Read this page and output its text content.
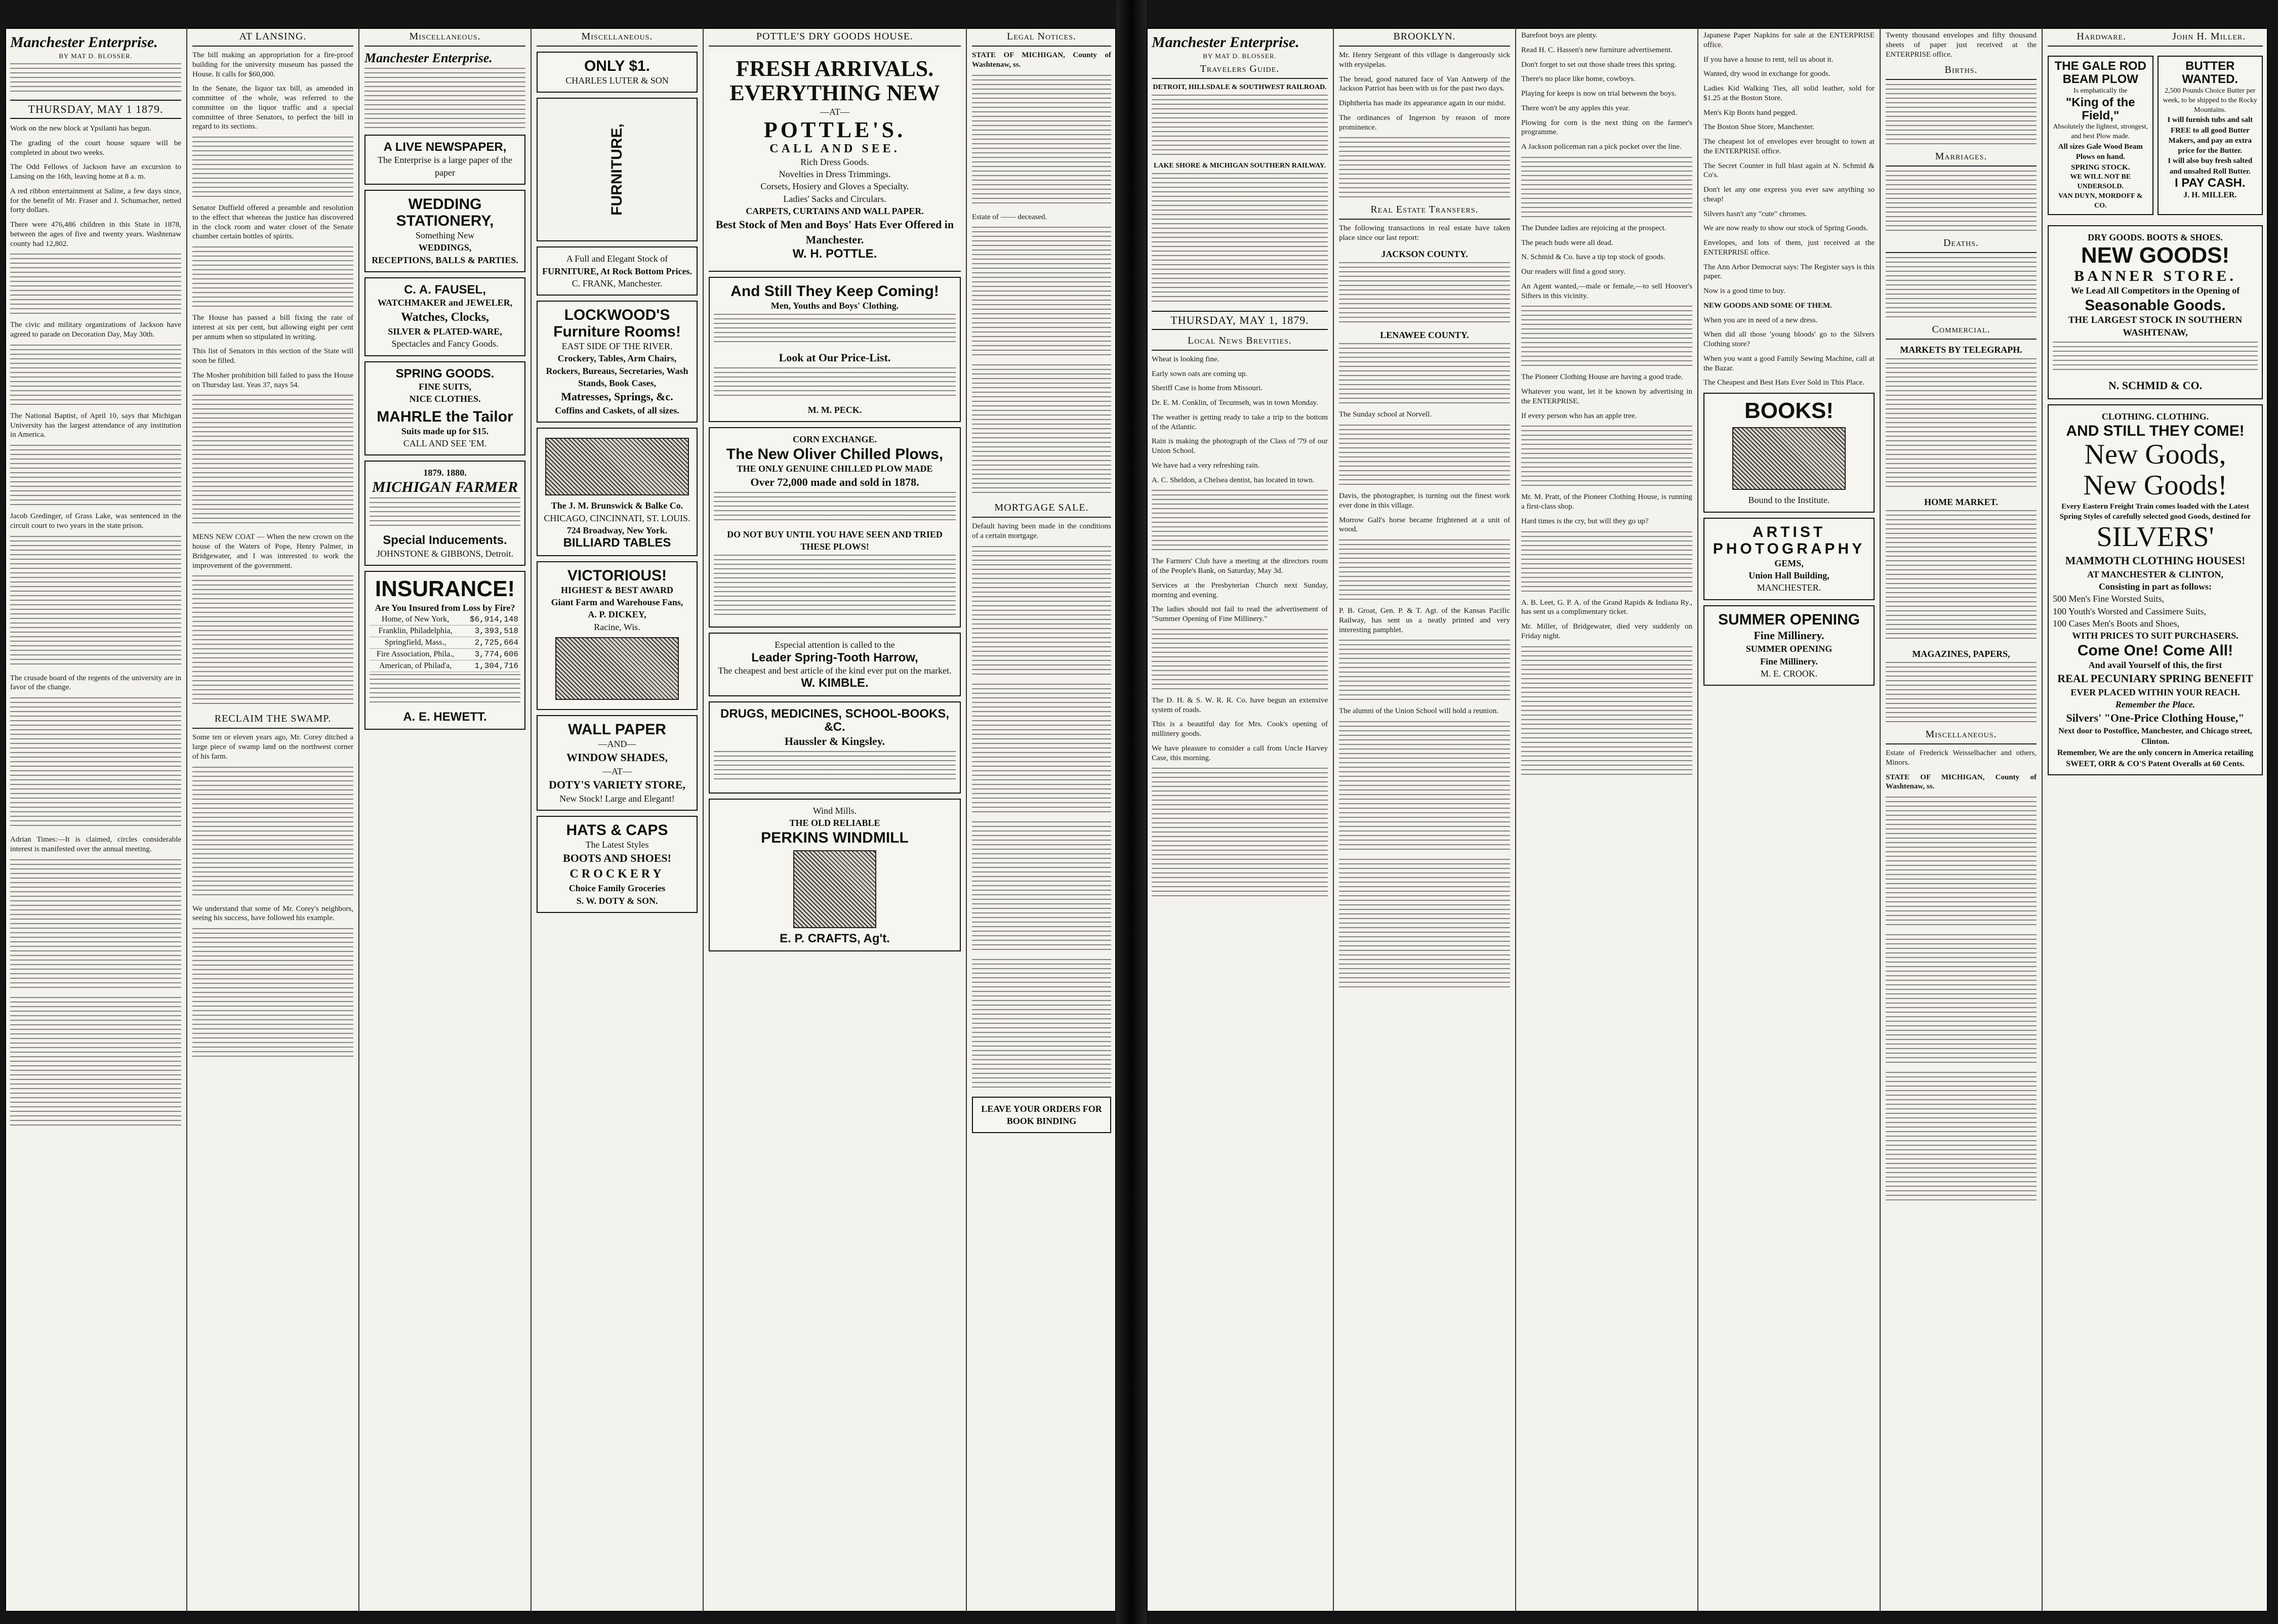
Manchester Enterprise.
BY MAT D. BLOSSER.
THURSDAY, MAY 1 1879.

Work on the new block at Ypsilanti has begun.

The grading of the court house square will be completed in about two weeks.

The Odd Fellows of Jackson have an excursion to Lansing on the 16th, leaving home at 8 a. m.

A red ribbon entertainment at Saline, a few days since, for the benefit of Mr. Fraser and J. Schumacher, netted forty dollars.

There were 476,486 children in this State in 1878, between the ages of five and twenty years. Washtenaw county had 12,802.

The civic and military organizations of Jackson have agreed to parade on Decoration Day, May 30th.

The National Baptist, of April 10, says that Michigan University has the largest attendance of any institution in America.

Jacob Gredinger, of Grass Lake, was sentenced in the circuit court to two years in the state prison.

The crusade board of the regents of the university are in favor of the change.

Adrian Times:—It is claimed, circles considerable interest is manifested over the annual meeting.

AT LANSING.

The bill making an appropriation for a fire-proof building for the university museum has passed the House. It calls for $60,000.

In the Senate, the liquor tax bill, as amended in committee of the whole, was referred to the committee on the liquor traffic and a special committee of three Senators, to perfect the bill in regard to its sections.

Senator Duffield offered a preamble and resolution to the effect that whereas the justice has discovered in the clock room and water closet of the Senate chamber certain bottles of spirits.

The House has passed a bill fixing the rate of interest at six per cent, but allowing eight per cent per annum when so stipulated in writing.

This list of Senators in this section of the State will soon be filled.

The Mosher prohibition bill failed to pass the House on Thursday last. Yeas 37, nays 54.

MENS NEW COAT — When the new crown on the house of the Waters of Pope, Henry Palmer, in Bridgewater, and I was interested to work the improvement of the government.

RECLAIM THE SWAMP.

Some ten or eleven years ago, Mr. Corey ditched a large piece of swamp land on the northwest corner of his farm.

We understand that some of Mr. Corey's neighbors, seeing his success, have followed his example.

Miscellaneous.
Manchester Enterprise.
A LIVE NEWSPAPER,
The Enterprise is a large paper of the paper
WEDDING STATIONERY,
Something New
WEDDINGS,
RECEPTIONS, BALLS & PARTIES.
C. A. FAUSEL,
WATCHMAKER and JEWELER,
Watches, Clocks,
SILVER & PLATED-WARE,
Spectacles and Fancy Goods.
SPRING GOODS.
FINE SUITS,
NICE CLOTHES.
MAHRLE the Tailor
Suits made up for $15.
CALL AND SEE 'EM.
1879. 1880.
MICHIGAN FARMER
Special Inducements.
JOHNSTONE & GIBBONS, Detroit.
INSURANCE!
Are You Insured from Loss by Fire?
Home, of New York,	$6,914,148
Franklin, Philadelphia,	3,393,518
Springfield, Mass.,	2,725,664
Fire Association, Phila.,	3,774,606
American, of Philad'a,	1,304,716
A. E. HEWETT.
Miscellaneous.
ONLY $1.
CHARLES LUTER & SON
FURNITURE,
A Full and Elegant Stock of
FURNITURE, At Rock Bottom Prices.
C. FRANK, Manchester.
LOCKWOOD'S Furniture Rooms!
EAST SIDE OF THE RIVER.
Crockery, Tables, Arm Chairs, Rockers, Bureaus, Secretaries, Wash Stands, Book Cases,
Matresses, Springs, &c.
Coffins and Caskets, of all sizes.
The J. M. Brunswick & Balke Co.
CHICAGO, CINCINNATI, ST. LOUIS.
724 Broadway, New York.
BILLIARD TABLES
VICTORIOUS!
HIGHEST & BEST AWARD
Giant Farm and Warehouse Fans,
A. P. DICKEY,
Racine, Wis.
WALL PAPER
—AND—
WINDOW SHADES,
—AT—
DOTY'S VARIETY STORE,
New Stock! Large and Elegant!
HATS & CAPS
The Latest Styles
BOOTS AND SHOES!
CROCKERY
Choice Family Groceries
S. W. DOTY & SON.
POTTLE'S DRY GOODS HOUSE.
FRESH ARRIVALS.
EVERYTHING NEW
—AT—
POTTLE'S.
CALL AND SEE.
Rich Dress Goods.
Novelties in Dress Trimmings.
Corsets, Hosiery and Gloves a Specialty.
Ladies' Sacks and Circulars.
CARPETS, CURTAINS AND WALL PAPER.
Best Stock of Men and Boys' Hats Ever Offered in Manchester.
W. H. POTTLE.
And Still They Keep Coming!
Men, Youths and Boys' Clothing.
Look at Our Price-List.
M. M. PECK.
CORN EXCHANGE.
The New Oliver Chilled Plows,
THE ONLY GENUINE CHILLED PLOW MADE
Over 72,000 made and sold in 1878.
DO NOT BUY UNTIL YOU HAVE SEEN AND TRIED THESE PLOWS!
Especial attention is called to the
Leader Spring-Tooth Harrow,
The cheapest and best article of the kind ever put on the market.
W. KIMBLE.
DRUGS, MEDICINES, SCHOOL-BOOKS, &C.
Haussler & Kingsley.
Wind Mills.
THE OLD RELIABLE
PERKINS WINDMILL
E. P. CRAFTS, Ag't.
Legal Notices.

STATE OF MICHIGAN, County of Washtenaw, ss.

Estate of —— deceased.

MORTGAGE SALE.

Default having been made in the conditions of a certain mortgage.

LEAVE YOUR ORDERS FOR BOOK BINDING
Manchester Enterprise.
BY MAT D. BLOSSER.
Travelers Guide.
DETROIT, HILLSDALE & SOUTHWEST RAILROAD.
LAKE SHORE & MICHIGAN SOUTHERN RAILWAY.
THURSDAY, MAY 1, 1879.
Local News Brevities.

Wheat is looking fine.

Early sown oats are coming up.

Sheriff Case is home from Missouri.

Dr. E. M. Conklin, of Tecumseh, was in town Monday.

The weather is getting ready to take a trip to the bottom of the Atlantic.

Rain is making the photograph of the Class of '79 of our Union School.

We have had a very refreshing rain.

A. C. Sheldon, a Chelsea dentist, has located in town.

The Farmers' Club have a meeting at the directors room of the People's Bank, on Saturday, May 3d.

Services at the Presbyterian Church next Sunday, morning and evening.

The ladies should not fail to read the advertisement of "Summer Opening of Fine Millinery."

The D. H. & S. W. R. R. Co. have begun an extensive system of roads.

This is a beautiful day for Mrs. Cook's opening of millinery goods.

We have pleasure to consider a call from Uncle Harvey Case, this morning.

BROOKLYN.

Mr. Henry Sergeant of this village is dangerously sick with erysipelas.

The bread, good natured face of Van Antwerp of the Jackson Patriot has been with us for the past two days.

Diphtheria has made its appearance again in our midst.

The ordinances of Ingerson by reason of more prominence.

Real Estate Transfers.

The following transactions in real estate have taken place since our last report:

JACKSON COUNTY.
LENAWEE COUNTY.

The Sunday school at Norvell.

Davis, the photographer, is turning out the finest work ever done in this village.

Morrow Gall's horse became frightened at a unit of wood.

P. B. Groat, Gen. P. & T. Agt. of the Kansas Pacific Railway, has sent us a neatly printed and very interesting pamphlet.

The alumni of the Union School will hold a reunion.

Barefoot boys are plenty.

Read H. C. Hassen's new furniture advertisement.

Don't forget to set out those shade trees this spring.

There's no place like home, cowboys.

Playing for keeps is now on trial between the boys.

There won't be any apples this year.

Plowing for corn is the next thing on the farmer's programme.

A Jackson policeman ran a pick pocket over the line.

The Dundee ladies are rejoicing at the prospect.

The peach buds were all dead.

N. Schmid & Co. have a tip top stock of goods.

Our readers will find a good story.

An Agent wanted,—male or female,—to sell Hoover's Sifters in this vicinity.

The Pioneer Clothing House are having a good trade.

Whatever you want, let it be known by advertising in the ENTERPRISE.

If every person who has an apple tree.

Mr. M. Pratt, of the Pioneer Clothing House, is running a first-class shop.

Hard times is the cry, but will they go up?

A. B. Leet, G. P. A. of the Grand Rapids & Indiana Ry., has sent us a complimentary ticket.

Mr. Miller, of Bridgewater, died very suddenly on Friday night.

Japanese Paper Napkins for sale at the ENTERPRISE office.

If you have a house to rent, tell us about it.

Wanted, dry wood in exchange for goods.

Ladies Kid Walking Ties, all solid leather, sold for $1.25 at the Boston Store.

Men's Kip Boots hand pegged.

The Boston Shoe Store, Manchester.

The cheapest lot of envelopes ever brought to town at the ENTERPRISE office.

The Secret Counter in full blast again at N. Schmid & Co's.

Don't let any one express you ever saw anything so cheap!

Silvers hasn't any "cute" chromes.

We are now ready to show our stock of Spring Goods.

Envelopes, and lots of them, just received at the ENTERPRISE office.

The Ann Arbor Democrat says: The Register says is this paper.

Now is a good time to buy.

NEW GOODS AND SOME OF THEM.

When you are in need of a new dress.

When did all those 'young bloods' go to the Silvers Clothing store?

When you want a good Family Sewing Machine, call at the Bazar.

The Cheapest and Best Hats Ever Sold in This Place.

BOOKS!
Bound to the Institute.
ARTIST PHOTOGRAPHY
GEMS,
Union Hall Building,
MANCHESTER.
SUMMER OPENING
Fine Millinery.
SUMMER OPENING
Fine Millinery.
M. E. CROOK.

Twenty thousand envelopes and fifty thousand sheets of paper just received at the ENTERPRISE office.

Births.
Marriages.
Deaths.
Commercial.
MARKETS BY TELEGRAPH.
HOME MARKET.
MAGAZINES, PAPERS,
Miscellaneous.

Estate of Frederick Weisselbacher and others, Minors.

STATE OF MICHIGAN, County of Washtenaw, ss.

Hardware.	John H. Miller.
THE GALE ROD BEAM PLOW
Is emphatically the
"King of the Field,"
Absolutely the lightest, strongest, and best Plow made.
All sizes Gale Wood Beam Plows on hand.
SPRING STOCK.
WE WILL NOT BE UNDERSOLD.
VAN DUYN, MORDOFF & CO.
BUTTER WANTED.
2,500 Pounds Choice Butter per week, to be shipped to the Rocky Mountains.
I will furnish tubs and salt FREE to all good Butter Makers, and pay an extra price for the Butter.
I will also buy fresh salted and unsalted Roll Butter.
I PAY CASH.
J. H. MILLER.
DRY GOODS. BOOTS & SHOES.
NEW GOODS!
BANNER STORE.
We Lead All Competitors in the Opening of
Seasonable Goods.
THE LARGEST STOCK IN SOUTHERN WASHTENAW,
N. SCHMID & CO.
CLOTHING. CLOTHING.
AND STILL THEY COME!
New Goods,
New Goods!
Every Eastern Freight Train comes loaded with the Latest Spring Styles of carefully selected good Goods, destined for
SILVERS'
MAMMOTH CLOTHING HOUSES!
AT MANCHESTER & CLINTON,
Consisting in part as follows:
500 Men's Fine Worsted Suits,
100 Youth's Worsted and Cassimere Suits,
100 Cases Men's Boots and Shoes,
WITH PRICES TO SUIT PURCHASERS.
Come One! Come All!
And avail Yourself of this, the first
REAL PECUNIARY SPRING BENEFIT
EVER PLACED WITHIN YOUR REACH.
Remember the Place.
Silvers' "One-Price Clothing House,"
Next door to Postoffice, Manchester, and Chicago street, Clinton.
Remember, We are the only concern in America retailing SWEET, ORR & CO'S Patent Overalls at 60 Cents.
